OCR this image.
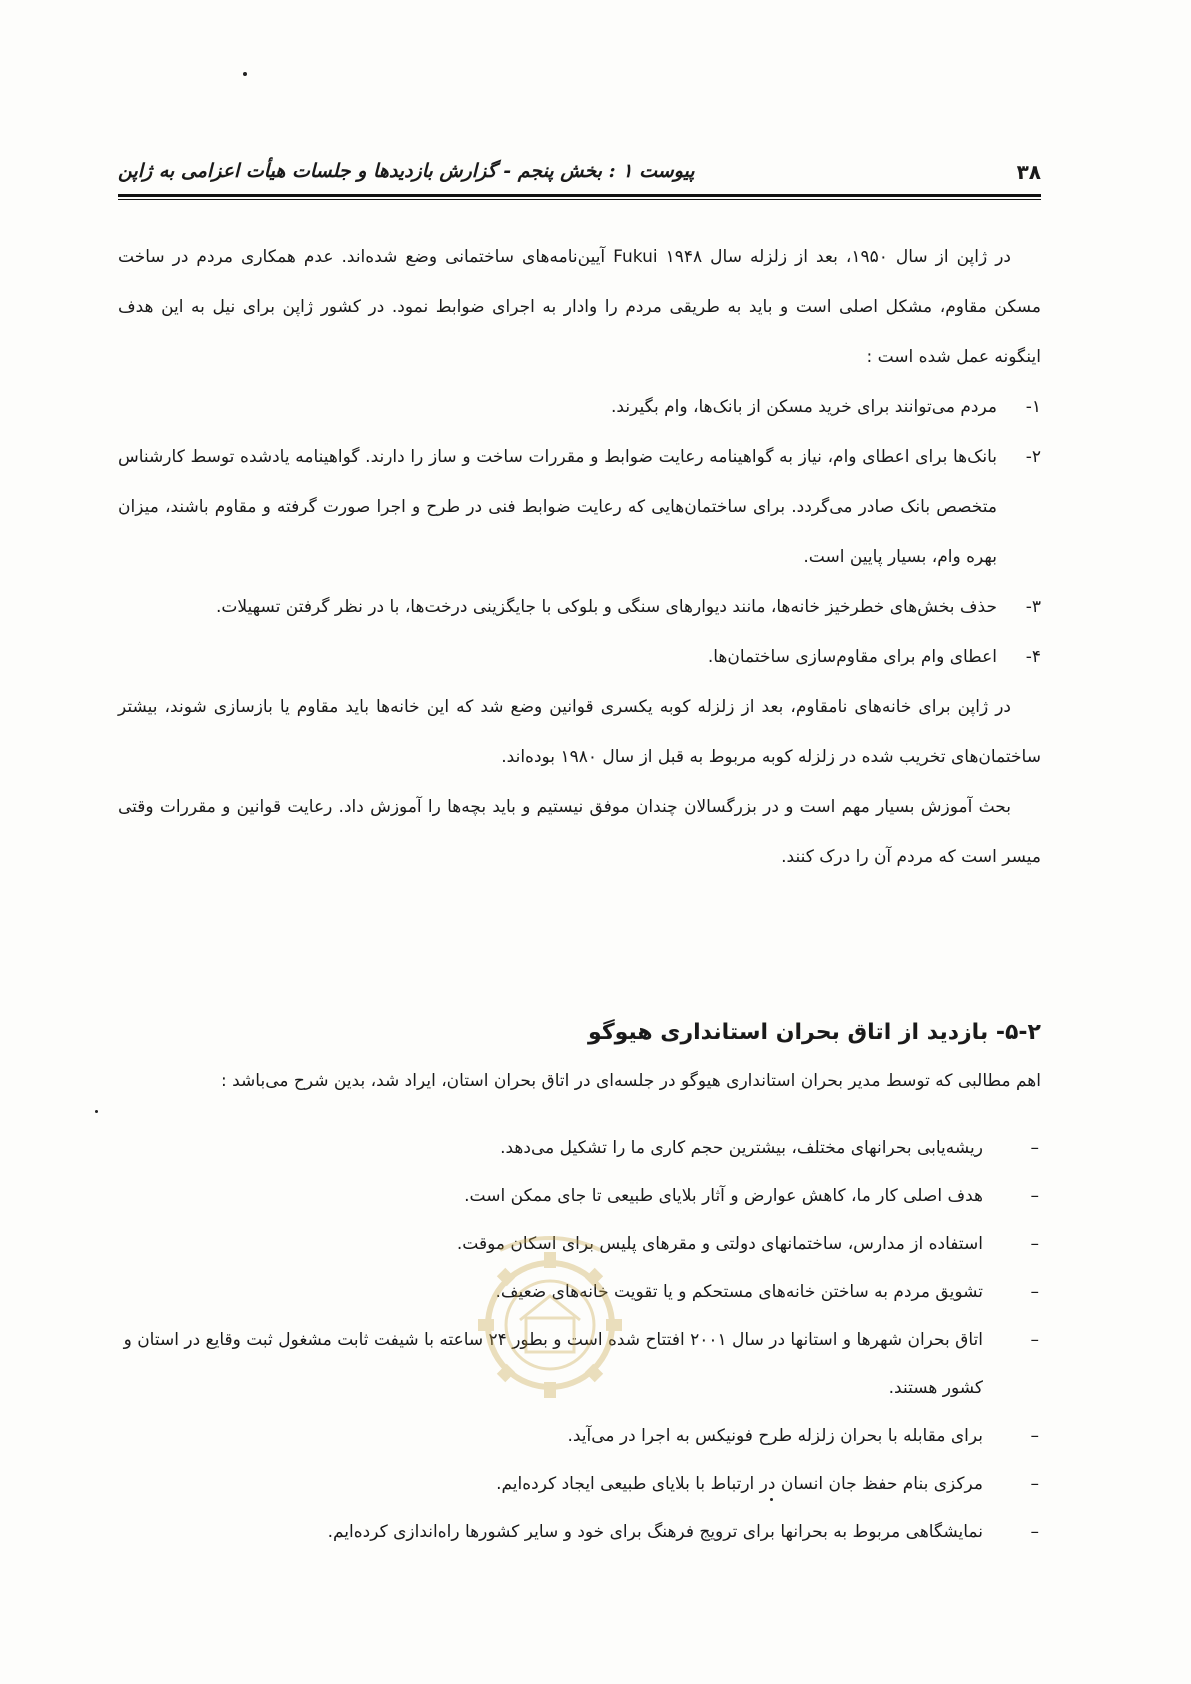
۳۸
پیوست ۱ : بخش پنجم - گزارش بازدیدها و جلسات هیأت اعزامی به ژاپن

در ژاپن از سال ۱۹۵۰، بعد از زلزله سال ۱۹۴۸ Fukui آیین‌نامه‌های ساختمانی وضع شده‌اند. عدم همکاری مردم در ساخت مسکن مقاوم، مشکل اصلی است و باید به طریقی مردم را وادار به اجرای ضوابط نمود. در کشور ژاپن برای نیل به این هدف اینگونه عمل شده است :

۱-
مردم می‌توانند برای خرید مسکن از بانک‌ها، وام بگیرند.
۲-
بانک‌ها برای اعطای وام، نیاز به گواهینامه رعایت ضوابط و مقررات ساخت و ساز را دارند. گواهینامه یادشده توسط کارشناس متخصص بانک صادر می‌گردد. برای ساختمان‌هایی که رعایت ضوابط فنی در طرح و اجرا صورت گرفته و مقاوم باشند، میزان بهره وام، بسیار پایین است.
۳-
حذف بخش‌های خطرخیز خانه‌ها، مانند دیوارهای سنگی و بلوکی با جایگزینی درخت‌ها، با در نظر گرفتن تسهیلات.
۴-
اعطای وام برای مقاوم‌سازی ساختمان‌ها.

در ژاپن برای خانه‌های نامقاوم، بعد از زلزله کوبه یکسری قوانین وضع شد که این خانه‌ها باید مقاوم یا بازسازی شوند، بیشتر ساختمان‌های تخریب شده در زلزله کوبه مربوط به قبل از سال ۱۹۸۰ بوده‌اند.

بحث آموزش بسیار مهم است و در بزرگسالان چندان موفق نیستیم و باید بچه‌ها را آموزش داد. رعایت قوانین و مقررات وقتی میسر است که مردم آن را درک کنند.

۵-۲- بازدید از اتاق بحران استانداری هیوگو
اهم مطالبی که توسط مدیر بحران استانداری هیوگو در جلسه‌ای در اتاق بحران استان، ایراد شد، بدین شرح می‌باشد :
–
ریشه‌یابی بحرانهای مختلف، بیشترین حجم کاری ما را تشکیل می‌دهد.
–
هدف اصلی کار ما، کاهش عوارض و آثار بلایای طبیعی تا جای ممکن است.
–
استفاده از مدارس، ساختمانهای دولتی و مقرهای پلیس برای اسکان موقت.
–
تشویق مردم به ساختن خانه‌های مستحکم و یا تقویت خانه‌های ضعیف.
–
اتاق بحران شهرها و استانها در سال ۲۰۰۱ افتتاح شده است و بطور ۲۴ ساعته با شیفت ثابت مشغول ثبت وقایع در استان و کشور هستند.
–
برای مقابله با بحران زلزله طرح فونیکس به اجرا در می‌آید.
–
مرکزی بنام حفظ جان انسان در ارتباط با بلایای طبیعی ایجاد کرده‌ایم.
–
نمایشگاهی مربوط به بحرانها برای ترویج فرهنگ برای خود و سایر کشورها راه‌اندازی کرده‌ایم.
